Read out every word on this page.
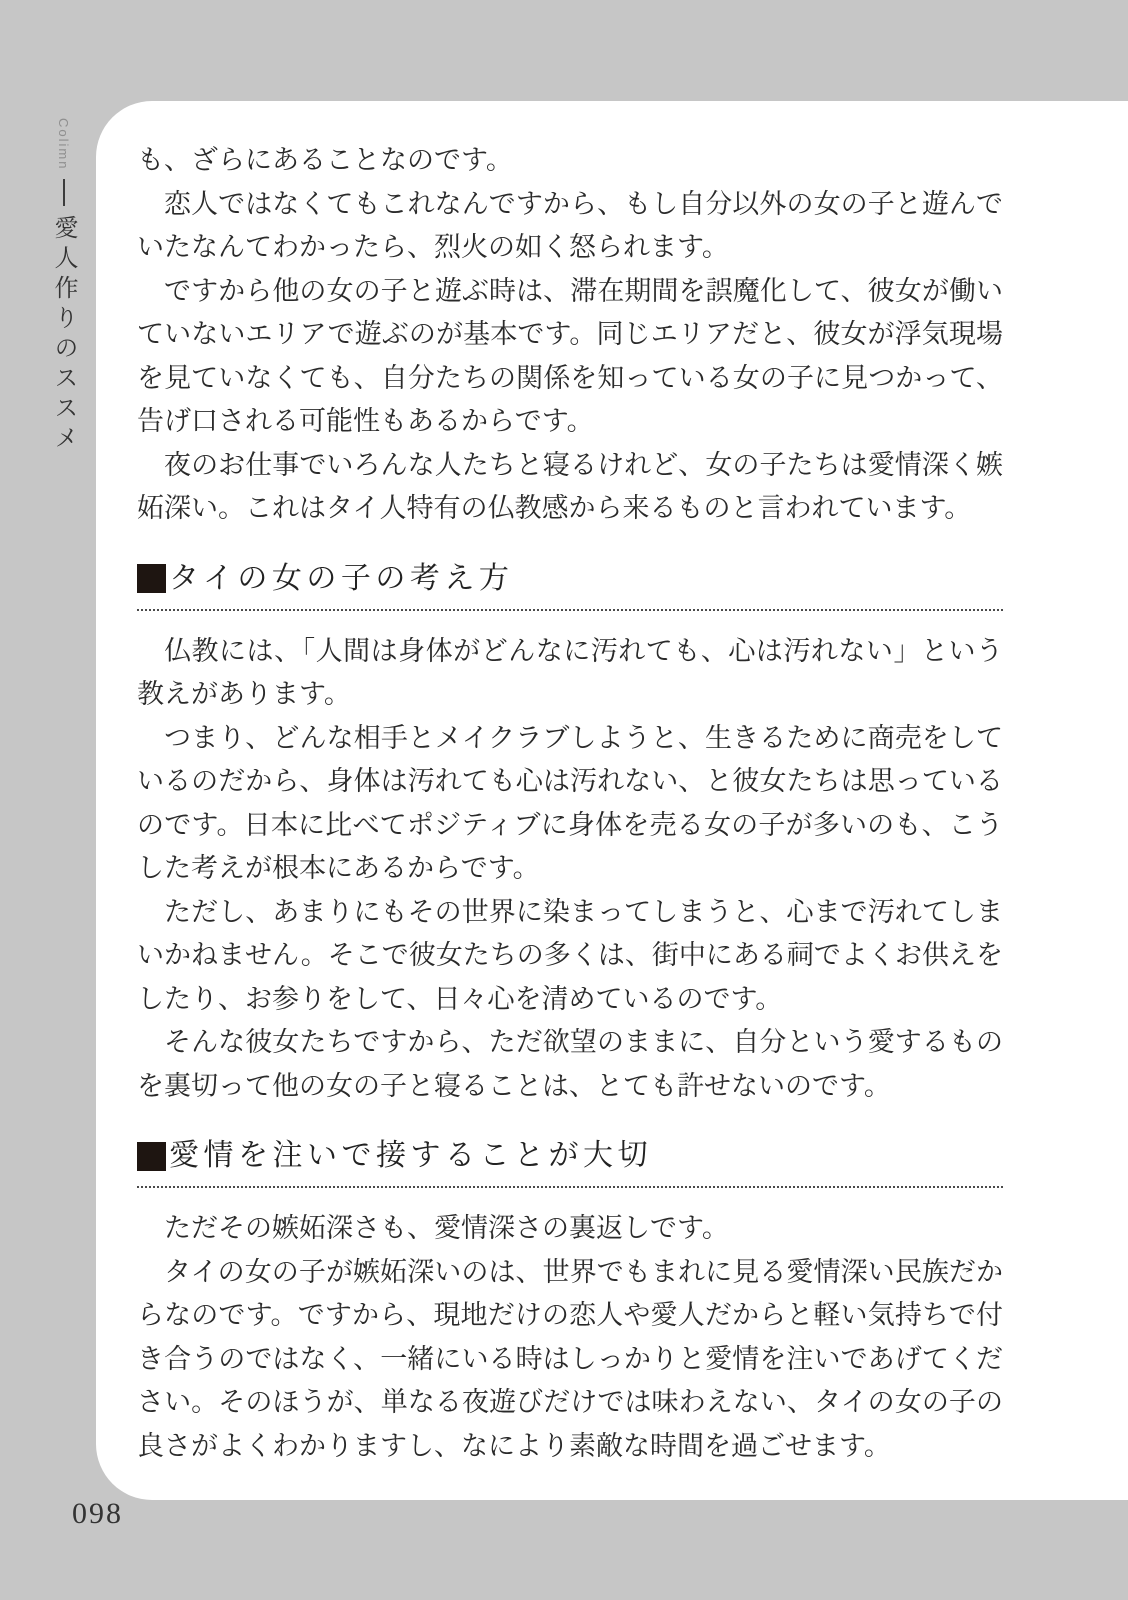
Colimn
愛人作りのススメ

も、ざらにあることなのです。

恋人ではなくてもこれなんですから、もし自分以外の女の子と遊んでいたなんてわかったら、烈火の如く怒られます。

ですから他の女の子と遊ぶ時は、滞在期間を誤魔化して、彼女が働いていないエリアで遊ぶのが基本です。同じエリアだと、彼女が浮気現場を見ていなくても、自分たちの関係を知っている女の子に見つかって、告げ口される可能性もあるからです。

夜のお仕事でいろんな人たちと寝るけれど、女の子たちは愛情深く嫉妬深い。これはタイ人特有の仏教感から来るものと言われています。

タイの女の子の考え方

仏教には、「人間は身体がどんなに汚れても、心は汚れない」という教えがあります。

つまり、どんな相手とメイクラブしようと、生きるために商売をしているのだから、身体は汚れても心は汚れない、と彼女たちは思っているのです。日本に比べてポジティブに身体を売る女の子が多いのも、こうした考えが根本にあるからです。

ただし、あまりにもその世界に染まってしまうと、心まで汚れてしまいかねません。そこで彼女たちの多くは、街中にある祠でよくお供えをしたり、お参りをして、日々心を清めているのです。

そんな彼女たちですから、ただ欲望のままに、自分という愛するものを裏切って他の女の子と寝ることは、とても許せないのです。

愛情を注いで接することが大切

ただその嫉妬深さも、愛情深さの裏返しです。

タイの女の子が嫉妬深いのは、世界でもまれに見る愛情深い民族だからなのです。ですから、現地だけの恋人や愛人だからと軽い気持ちで付き合うのではなく、一緒にいる時はしっかりと愛情を注いであげてください。そのほうが、単なる夜遊びだけでは味わえない、タイの女の子の良さがよくわかりますし、なにより素敵な時間を過ごせます。

098
